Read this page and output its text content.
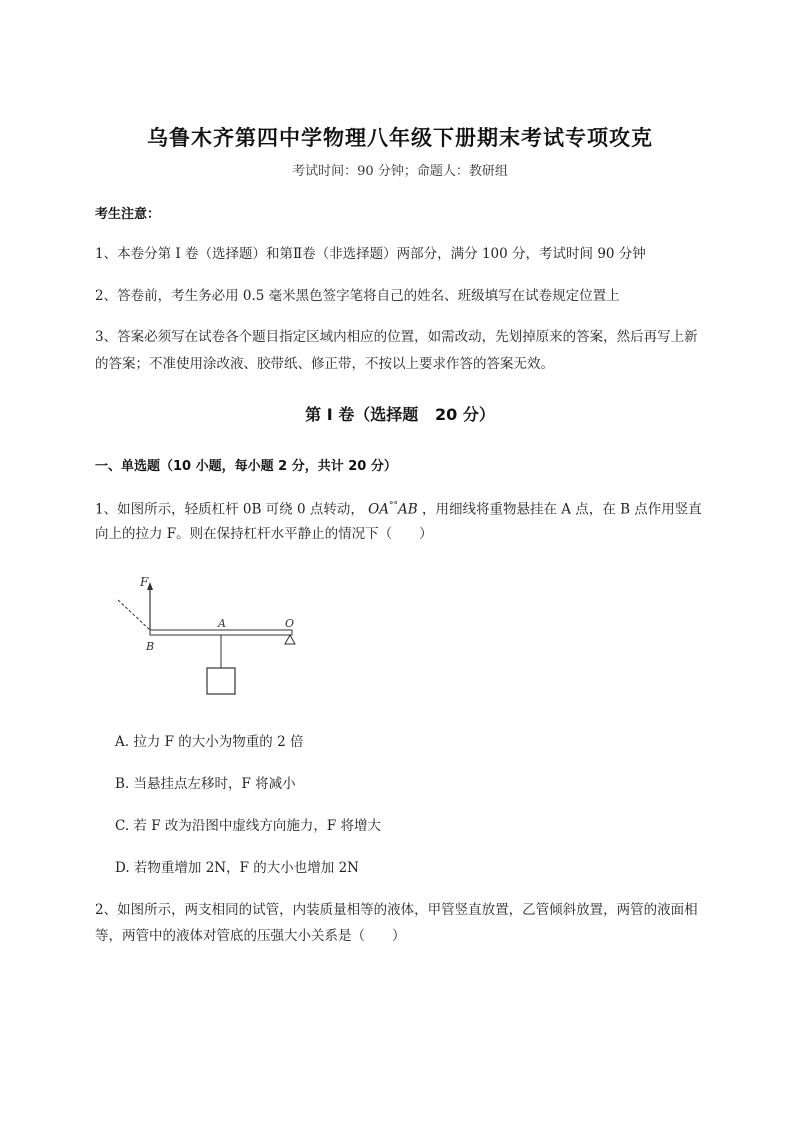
乌鲁木齐第四中学物理八年级下册期末考试专项攻克
考试时间：90 分钟；命题人：教研组
考生注意：
1、本卷分第 I 卷（选择题）和第Ⅱ卷（非选择题）两部分，满分 100 分，考试时间 90 分钟
2、答卷前，考生务必用 0.5 毫米黑色签字笔将自己的姓名、班级填写在试卷规定位置上
3、答案必须写在试卷各个题目指定区域内相应的位置，如需改动，先划掉原来的答案，然后再写上新
的答案；不准使用涂改液、胶带纸、修正带，不按以上要求作答的答案无效。
第 I 卷（选择题   20 分）
一、单选题（10 小题，每小题 2 分，共计 20 分）
1、如图所示，轻质杠杆 0B 可绕 0 点转动， OA°°AB ，用细线将重物悬挂在 A 点，在 B 点作用竖直
向上的拉力 F。则在保持杠杆水平静止的情况下（　　）
F
A	O
B
A. 拉力 F 的大小为物重的 2 倍
B. 当悬挂点左移时，F 将减小
C. 若 F 改为沿图中虚线方向施力，F 将增大
D. 若物重增加 2N，F 的大小也增加 2N
2、如图所示，两支相同的试管，内装质量相等的液体，甲管竖直放置，乙管倾斜放置，两管的液面相
等，两管中的液体对管底的压强大小关系是（　　）
